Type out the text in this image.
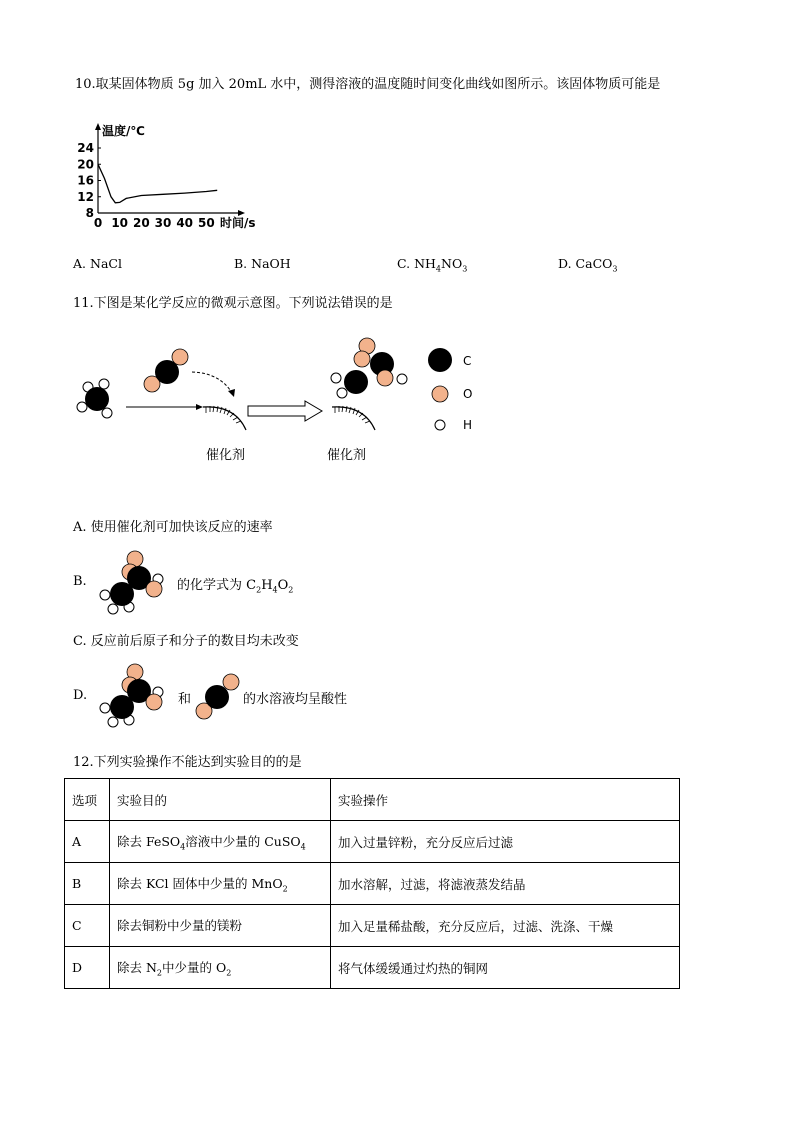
10.取某固体物质 5g 加入 20mL 水中，测得溶液的温度随时间变化曲线如图所示。该固体物质可能是
24
20
16
12
8
0 10 20 30 40 50
温度/℃
时间/s
A. NaCl	B. NaOH	C. $NH_4NO_3$	D. CaCO$_3$
11.下图是某化学反应的微观示意图。下列说法错误的是
C
O
H
催化剂	催化剂
A. 使用催化剂可加快该反应的速率
B.	的化学式为 $C_2H_4O_2$
C. 反应前后原子和分子的数目均未改变
D.	和	的水溶液均呈酸性
12.下列实验操作不能达到实验目的的是
选项	实验目的	实验操作
A	除去 FeSO$_4$溶液中少量的 CuSO$_4$	加入过量锌粉，充分反应后过滤
B	除去 KCl 固体中少量的 MnO$_2$	加水溶解，过滤，将滤液蒸发结晶
C	除去铜粉中少量的镁粉	加入足量稀盐酸，充分反应后，过滤、洗涤、干燥
D	除去 $N_2$中少量的 $O_2$	将气体缓缓通过灼热的铜网
